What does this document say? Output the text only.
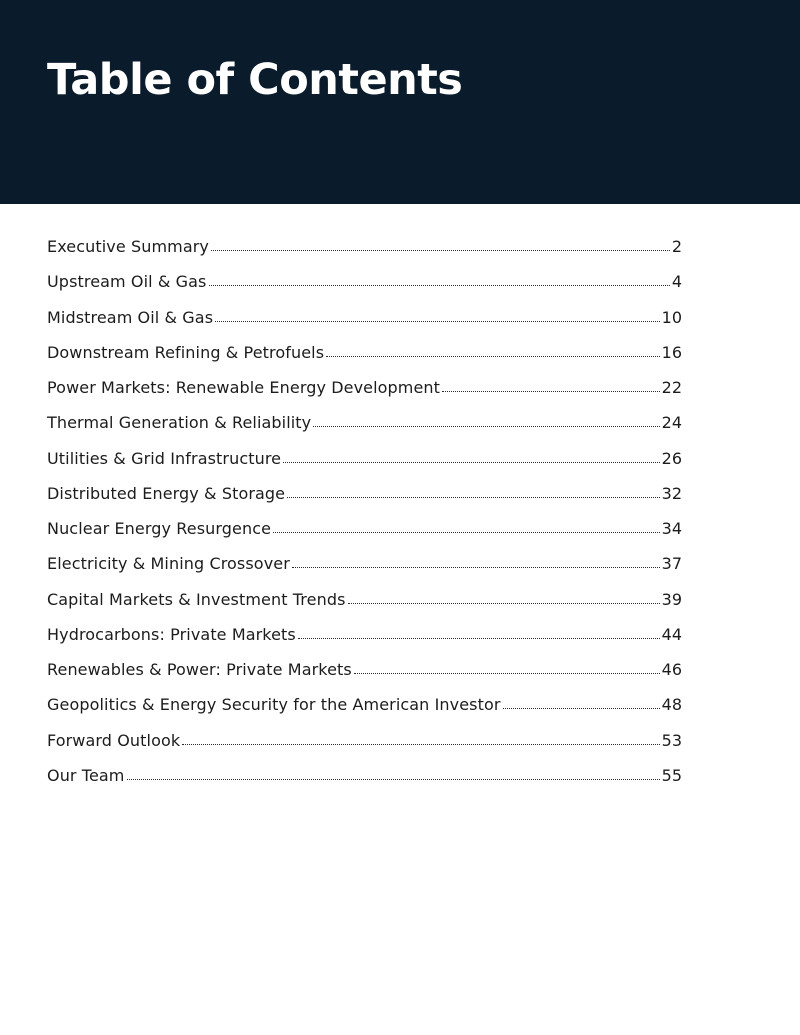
Table of Contents
Executive Summary	2
Upstream Oil & Gas	4
Midstream Oil & Gas	10
Downstream Refining & Petrofuels	16
Power Markets: Renewable Energy Development	22
Thermal Generation & Reliability	24
Utilities & Grid Infrastructure	26
Distributed Energy & Storage	32
Nuclear Energy Resurgence	34
Electricity & Mining Crossover	37
Capital Markets & Investment Trends	39
Hydrocarbons: Private Markets	44
Renewables & Power: Private Markets	46
Geopolitics & Energy Security for the American Investor	48
Forward Outlook	53
Our Team	55
